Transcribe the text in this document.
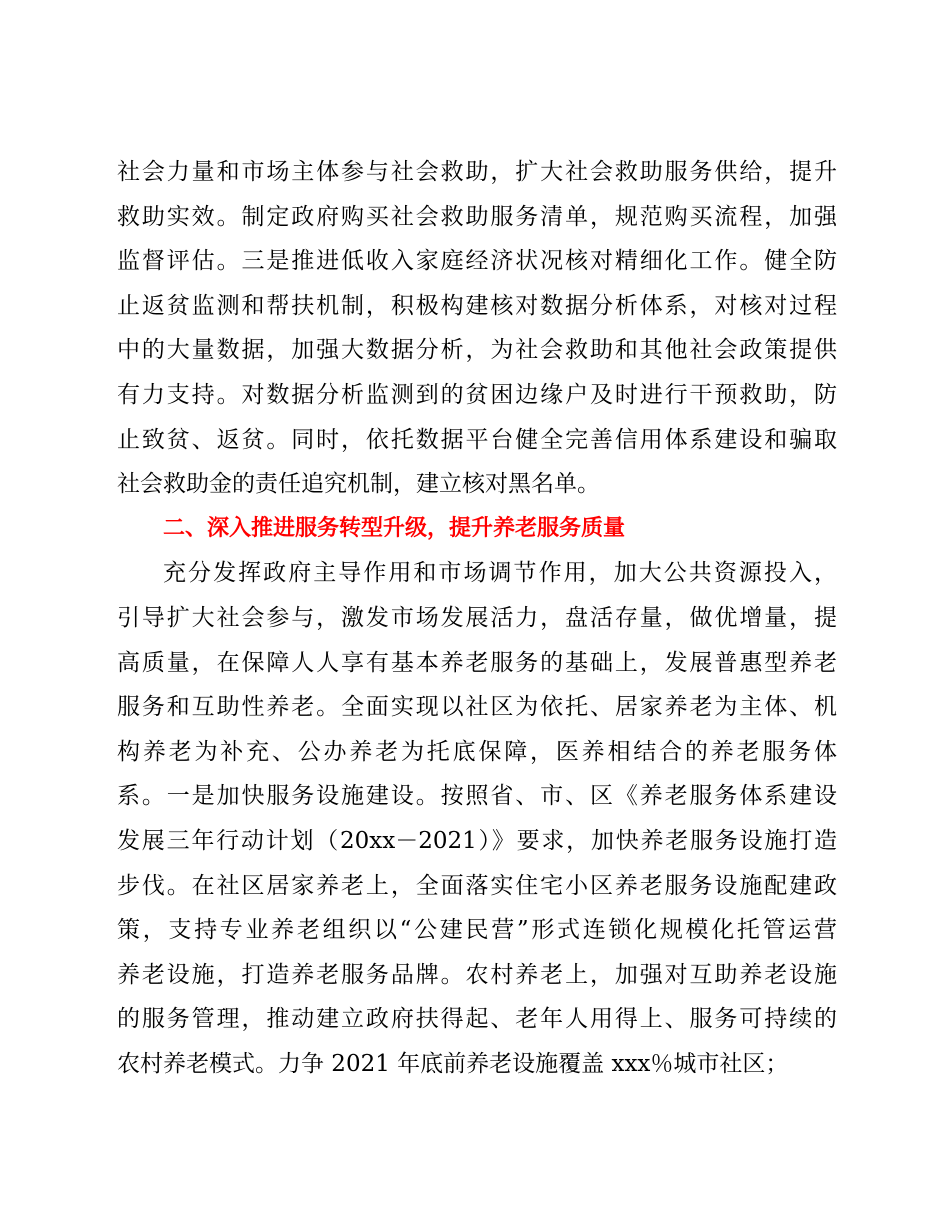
社会力量和市场主体参与社会救助，扩大社会救助服务供给，提升
救助实效。制定政府购买社会救助服务清单，规范购买流程，加强
监督评估。三是推进低收入家庭经济状况核对精细化工作。健全防
止返贫监测和帮扶机制，积极构建核对数据分析体系，对核对过程
中的大量数据，加强大数据分析，为社会救助和其他社会政策提供
有力支持。对数据分析监测到的贫困边缘户及时进行干预救助，防
止致贫、返贫。同时，依托数据平台健全完善信用体系建设和骗取
社会救助金的责任追究机制，建立核对黑名单。
二、深入推进服务转型升级，提升养老服务质量
充分发挥政府主导作用和市场调节作用，加大公共资源投入，
引导扩大社会参与，激发市场发展活力，盘活存量，做优增量，提
高质量，在保障人人享有基本养老服务的基础上，发展普惠型养老
服务和互助性养老。全面实现以社区为依托、居家养老为主体、机
构养老为补充、公办养老为托底保障，医养相结合的养老服务体
系。一是加快服务设施建设。按照省、市、区《养老服务体系建设
发展三年行动计划（20xx－2021）》要求，加快养老服务设施打造
步伐。在社区居家养老上，全面落实住宅小区养老服务设施配建政
策，支持专业养老组织以“公建民营”形式连锁化规模化托管运营
养老设施，打造养老服务品牌。农村养老上，加强对互助养老设施
的服务管理，推动建立政府扶得起、老年人用得上、服务可持续的
农村养老模式。力争 2021 年底前养老设施覆盖 xxx％城市社区；
